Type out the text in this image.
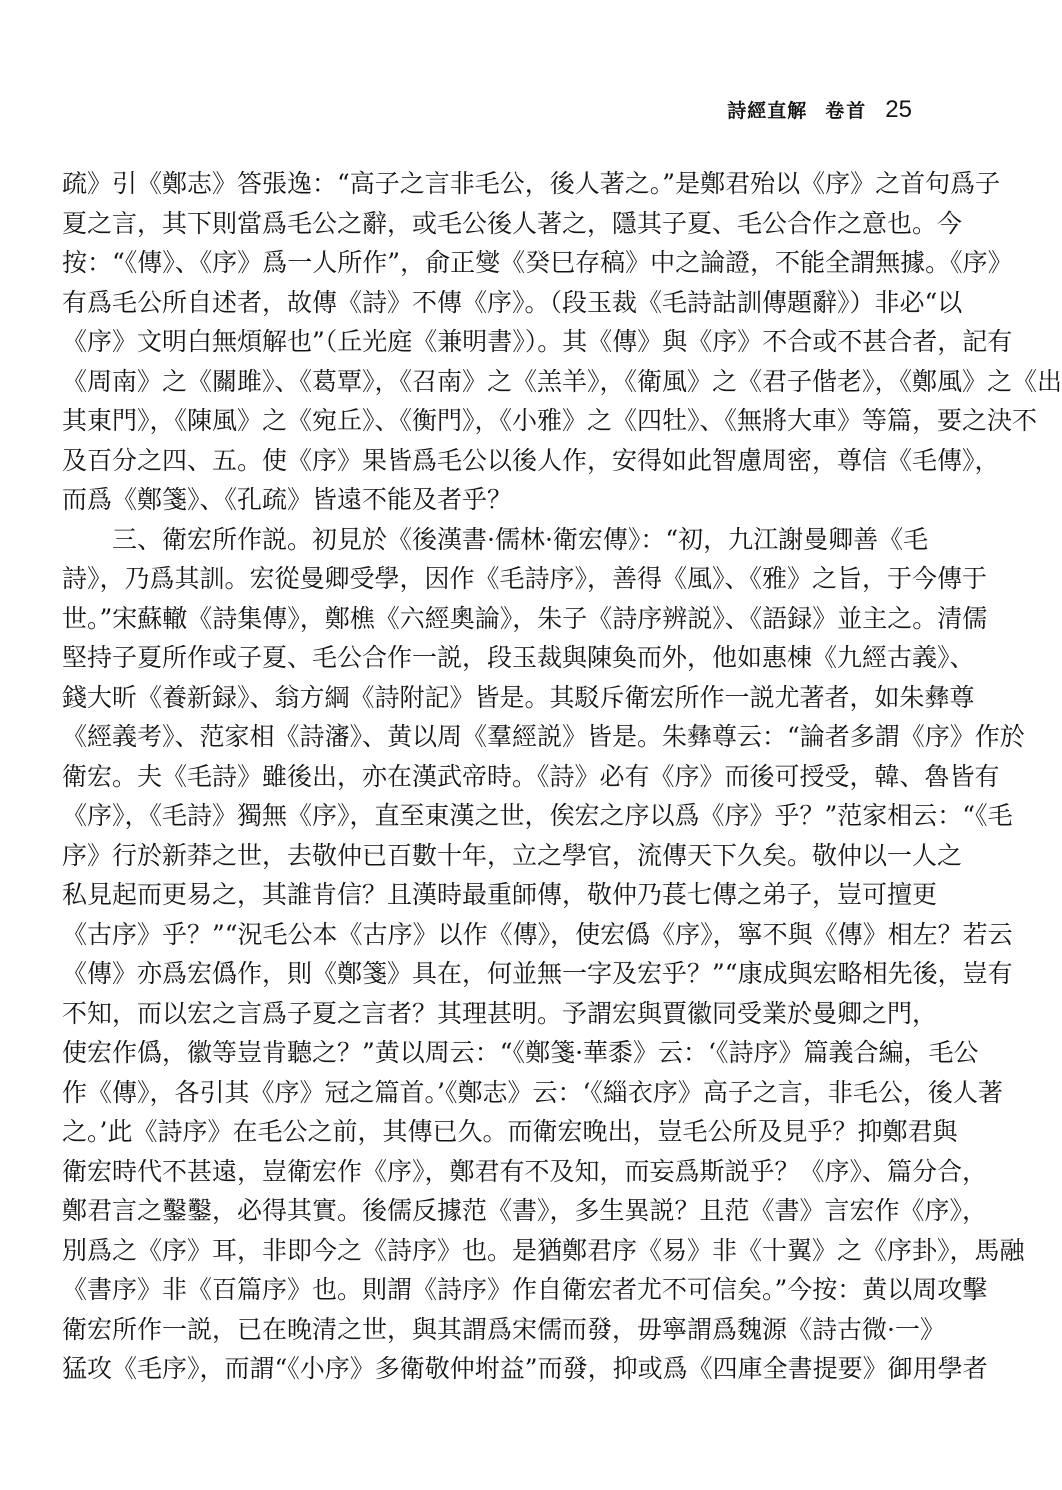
詩經直解 卷首 25
疏》引《鄭志》答張逸：“高子之言非毛公，後人著之。”是鄭君殆以《序》之首句爲子
夏之言，其下則當爲毛公之辭，或毛公後人著之，隱其子夏、毛公合作之意也。今
按：“《傳》、《序》爲一人所作”，俞正燮《癸巳存稿》中之論證，不能全謂無據。《序》
有爲毛公所自述者，故傳《詩》不傳《序》。（段玉裁《毛詩詁訓傳題辭》）非必“以
《序》文明白無煩解也”（丘光庭《兼明書》）。其《傳》與《序》不合或不甚合者，記有
《周南》之《關雎》、《葛覃》，《召南》之《羔羊》，《衛風》之《君子偕老》，《鄭風》之《出
其東門》，《陳風》之《宛丘》、《衡門》，《小雅》之《四牡》、《無將大車》等篇，要之決不
及百分之四、五。使《序》果皆爲毛公以後人作，安得如此智慮周密，尊信《毛傳》，
而爲《鄭箋》、《孔疏》皆遠不能及者乎？
三、衛宏所作説。初見於《後漢書·儒林·衛宏傳》：“初，九江謝曼卿善《毛
詩》，乃爲其訓。宏從曼卿受學，因作《毛詩序》，善得《風》、《雅》之旨，于今傳于
世。”宋蘇轍《詩集傳》，鄭樵《六經奧論》，朱子《詩序辨説》、《語録》並主之。清儒
堅持子夏所作或子夏、毛公合作一説，段玉裁與陳奐而外，他如惠棟《九經古義》、
錢大昕《養新録》、翁方綱《詩附記》皆是。其駁斥衛宏所作一説尤著者，如朱彝尊
《經義考》、范家相《詩瀋》、黄以周《羣經説》皆是。朱彝尊云：“論者多謂《序》作於
衛宏。夫《毛詩》雖後出，亦在漢武帝時。《詩》必有《序》而後可授受，韓、魯皆有
《序》，《毛詩》獨無《序》，直至東漢之世，俟宏之序以爲《序》乎？”范家相云：“《毛
序》行於新莽之世，去敬仲已百數十年，立之學官，流傳天下久矣。敬仲以一人之
私見起而更易之，其誰肯信？且漢時最重師傳，敬仲乃萇七傳之弟子，豈可擅更
《古序》乎？”“況毛公本《古序》以作《傳》，使宏僞《序》，寧不與《傳》相左？若云
《傳》亦爲宏僞作，則《鄭箋》具在，何並無一字及宏乎？”“康成與宏略相先後，豈有
不知，而以宏之言爲子夏之言者？其理甚明。予謂宏與賈徽同受業於曼卿之門，
使宏作僞，徽等豈肯聽之？”黄以周云：“《鄭箋·華黍》云：‘《詩序》篇義合編，毛公
作《傳》，各引其《序》冠之篇首。’《鄭志》云：‘《緇衣序》高子之言，非毛公，後人著
之。’此《詩序》在毛公之前，其傳已久。而衛宏晚出，豈毛公所及見乎？抑鄭君與
衛宏時代不甚遠，豈衛宏作《序》，鄭君有不及知，而妄爲斯説乎？《序》、篇分合，
鄭君言之鑿鑿，必得其實。後儒反據范《書》，多生異説？且范《書》言宏作《序》，
別爲之《序》耳，非即今之《詩序》也。是猶鄭君序《易》非《十翼》之《序卦》，馬融
《書序》非《百篇序》也。則謂《詩序》作自衛宏者尤不可信矣。”今按：黄以周攻擊
衛宏所作一説，已在晚清之世，與其謂爲宋儒而發，毋寧謂爲魏源《詩古微·一》
猛攻《毛序》，而謂“《小序》多衛敬仲坿益”而發，抑或爲《四庫全書提要》御用學者
